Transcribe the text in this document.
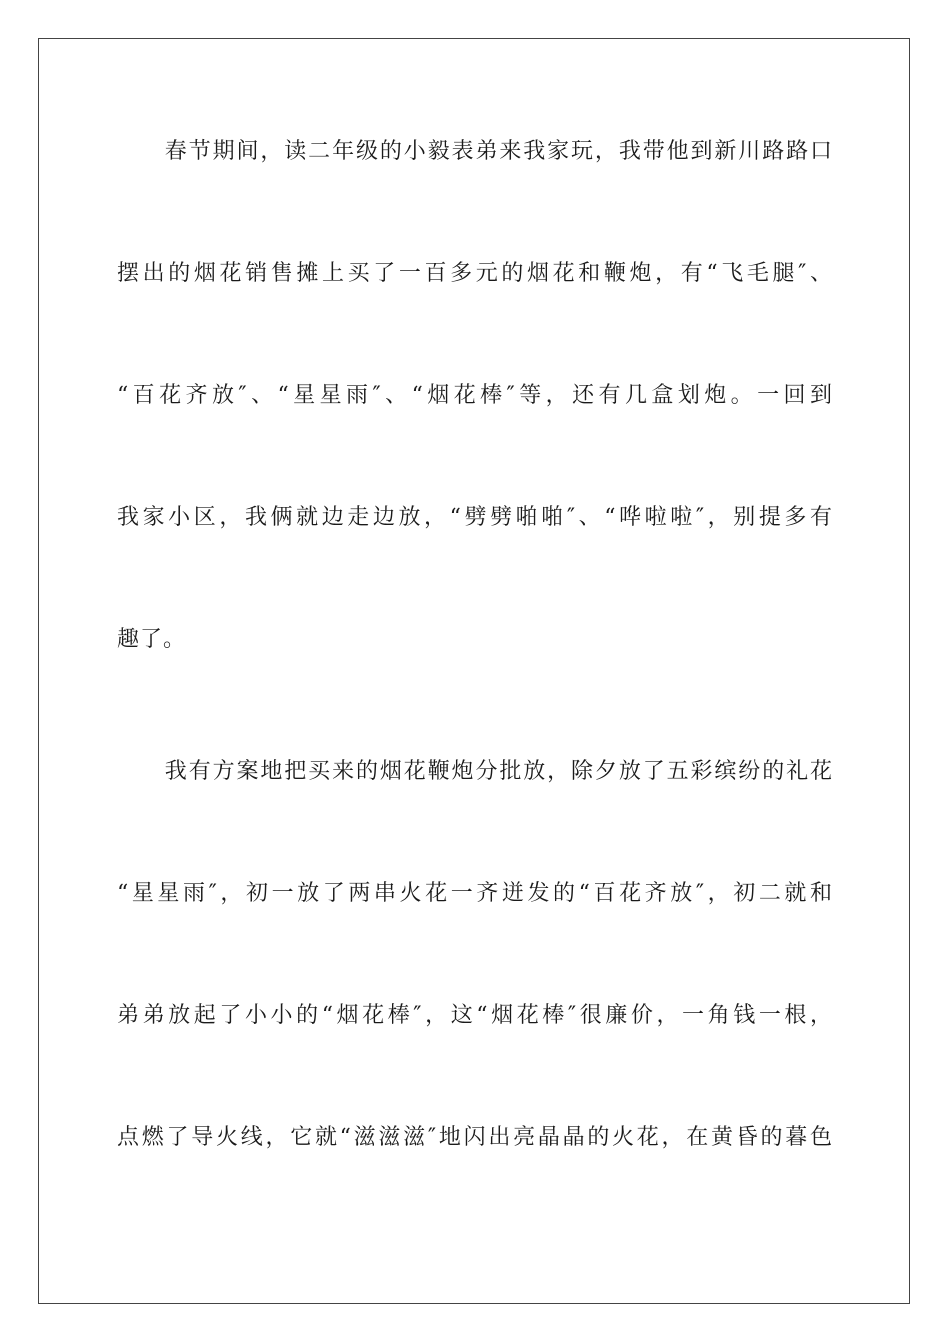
　　春节期间，读二年级的小毅表弟来我家玩，我带他到新川路路口
摆出的烟花销售摊上买了一百多元的烟花和鞭炮，有“飞毛腿″、
“百花齐放″、“星星雨″、“烟花棒″等，还有几盒划炮。一回到
我家小区，我俩就边走边放，“劈劈啪啪″、“哗啦啦″，别提多有
趣了。
　　我有方案地把买来的烟花鞭炮分批放，除夕放了五彩缤纷的礼花
“星星雨″，初一放了两串火花一齐迸发的“百花齐放″，初二就和
弟弟放起了小小的“烟花棒″，这“烟花棒″很廉价，一角钱一根，
点燃了导火线，它就“滋滋滋″地闪出亮晶晶的火花，在黄昏的暮色
